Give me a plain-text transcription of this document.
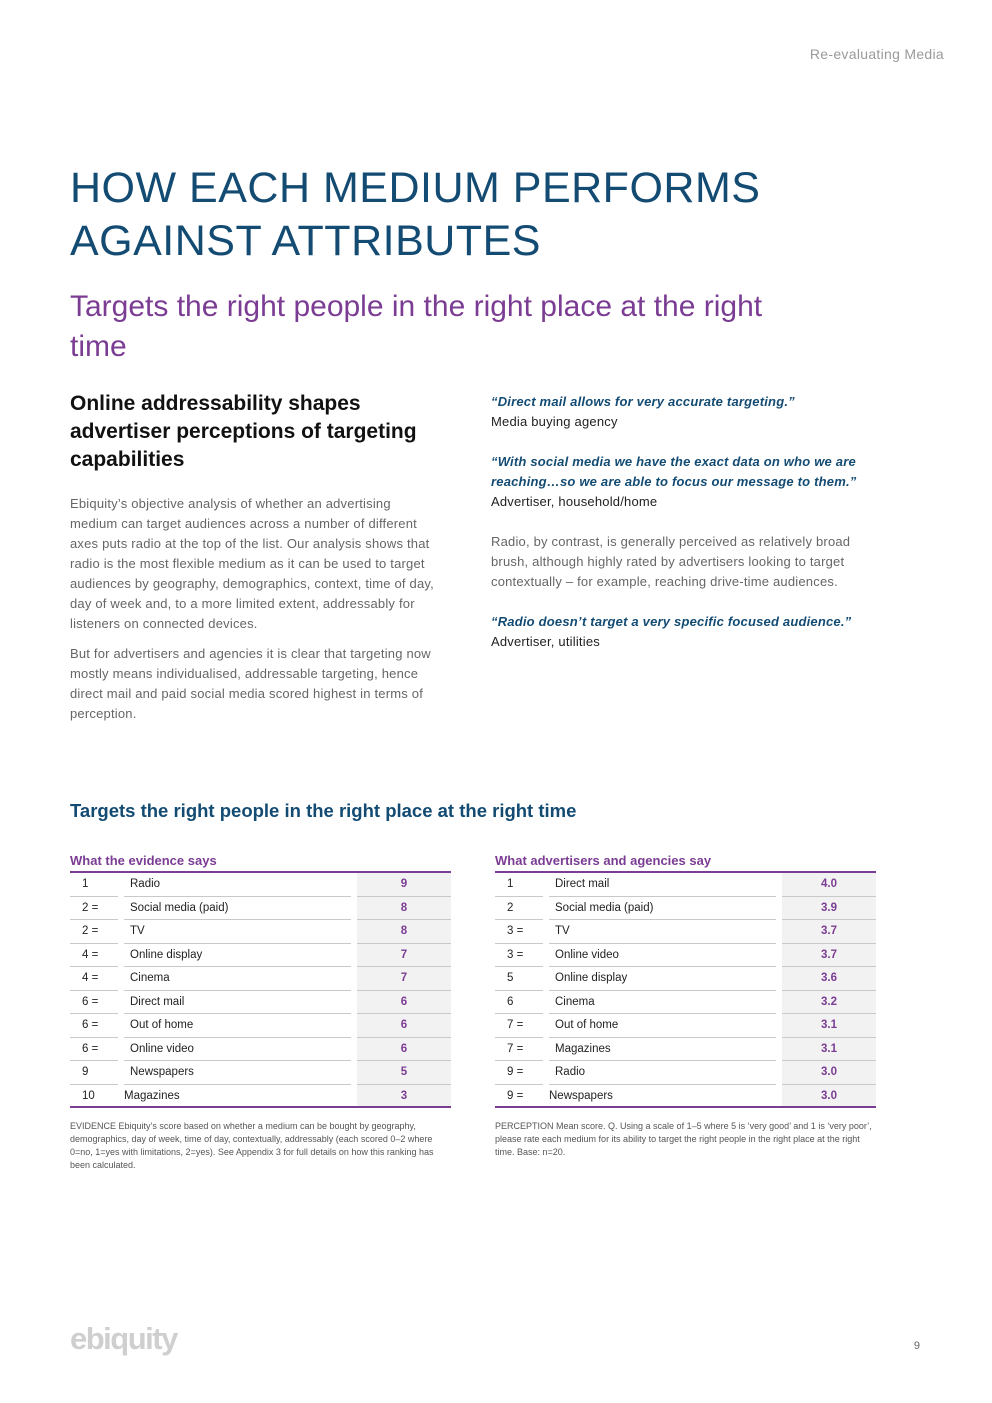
Re-evaluating Media
HOW EACH MEDIUM PERFORMS
AGAINST ATTRIBUTES
Targets the right people in the right place at the right time
Online addressability shapes advertiser perceptions of targeting capabilities

Ebiquity’s objective analysis of whether an advertising medium can target audiences across a number of different axes puts radio at the top of the list. Our analysis shows that radio is the most flexible medium as it can be used to target audiences by geography, demographics, context, time of day, day of week and, to a more limited extent, addressably for listeners on connected devices.

But for advertisers and agencies it is clear that targeting now mostly means individualised, addressable targeting, hence direct mail and paid social media scored highest in terms of perception.

“Direct mail allows for very accurate targeting.”
Media buying agency

“With social media we have the exact data on who we are reaching…so we are able to focus our message to them.” Advertiser, household/home

Radio, by contrast, is generally perceived as relatively broad brush, although highly rated by advertisers looking to target contextually – for example, reaching drive-time audiences.

“Radio doesn’t target a very specific focused audience.”
Advertiser, utilities

Targets the right people in the right place at the right time
What the evidence says
1	Radio	9
2 =	Social media (paid)	8
2 =	TV	8
4 =	Online display	7
4 =	Cinema	7
6 =	Direct mail	6
6 =	Out of home	6
6 =	Online video	6
9	Newspapers	5
10	Magazines	3
EVIDENCE Ebiquity’s score based on whether a medium can be bought by geography, demographics, day of week, time of day, contextually, addressably (each scored 0–2 where 0=no, 1=yes with limitations, 2=yes). See Appendix 3 for full details on how this ranking has been calculated.
What advertisers and agencies say
1	Direct mail	4.0
2	Social media (paid)	3.9
3 =	TV	3.7
3 =	Online video	3.7
5	Online display	3.6
6	Cinema	3.2
7 =	Out of home	3.1
7 =	Magazines	3.1
9 =	Radio	3.0
9 =	Newspapers	3.0
PERCEPTION Mean score. Q. Using a scale of 1–5 where 5 is ‘very good’ and 1 is ‘very poor’, please rate each medium for its ability to target the right people in the right place at the right time. Base: n=20.
ebiquity	9
